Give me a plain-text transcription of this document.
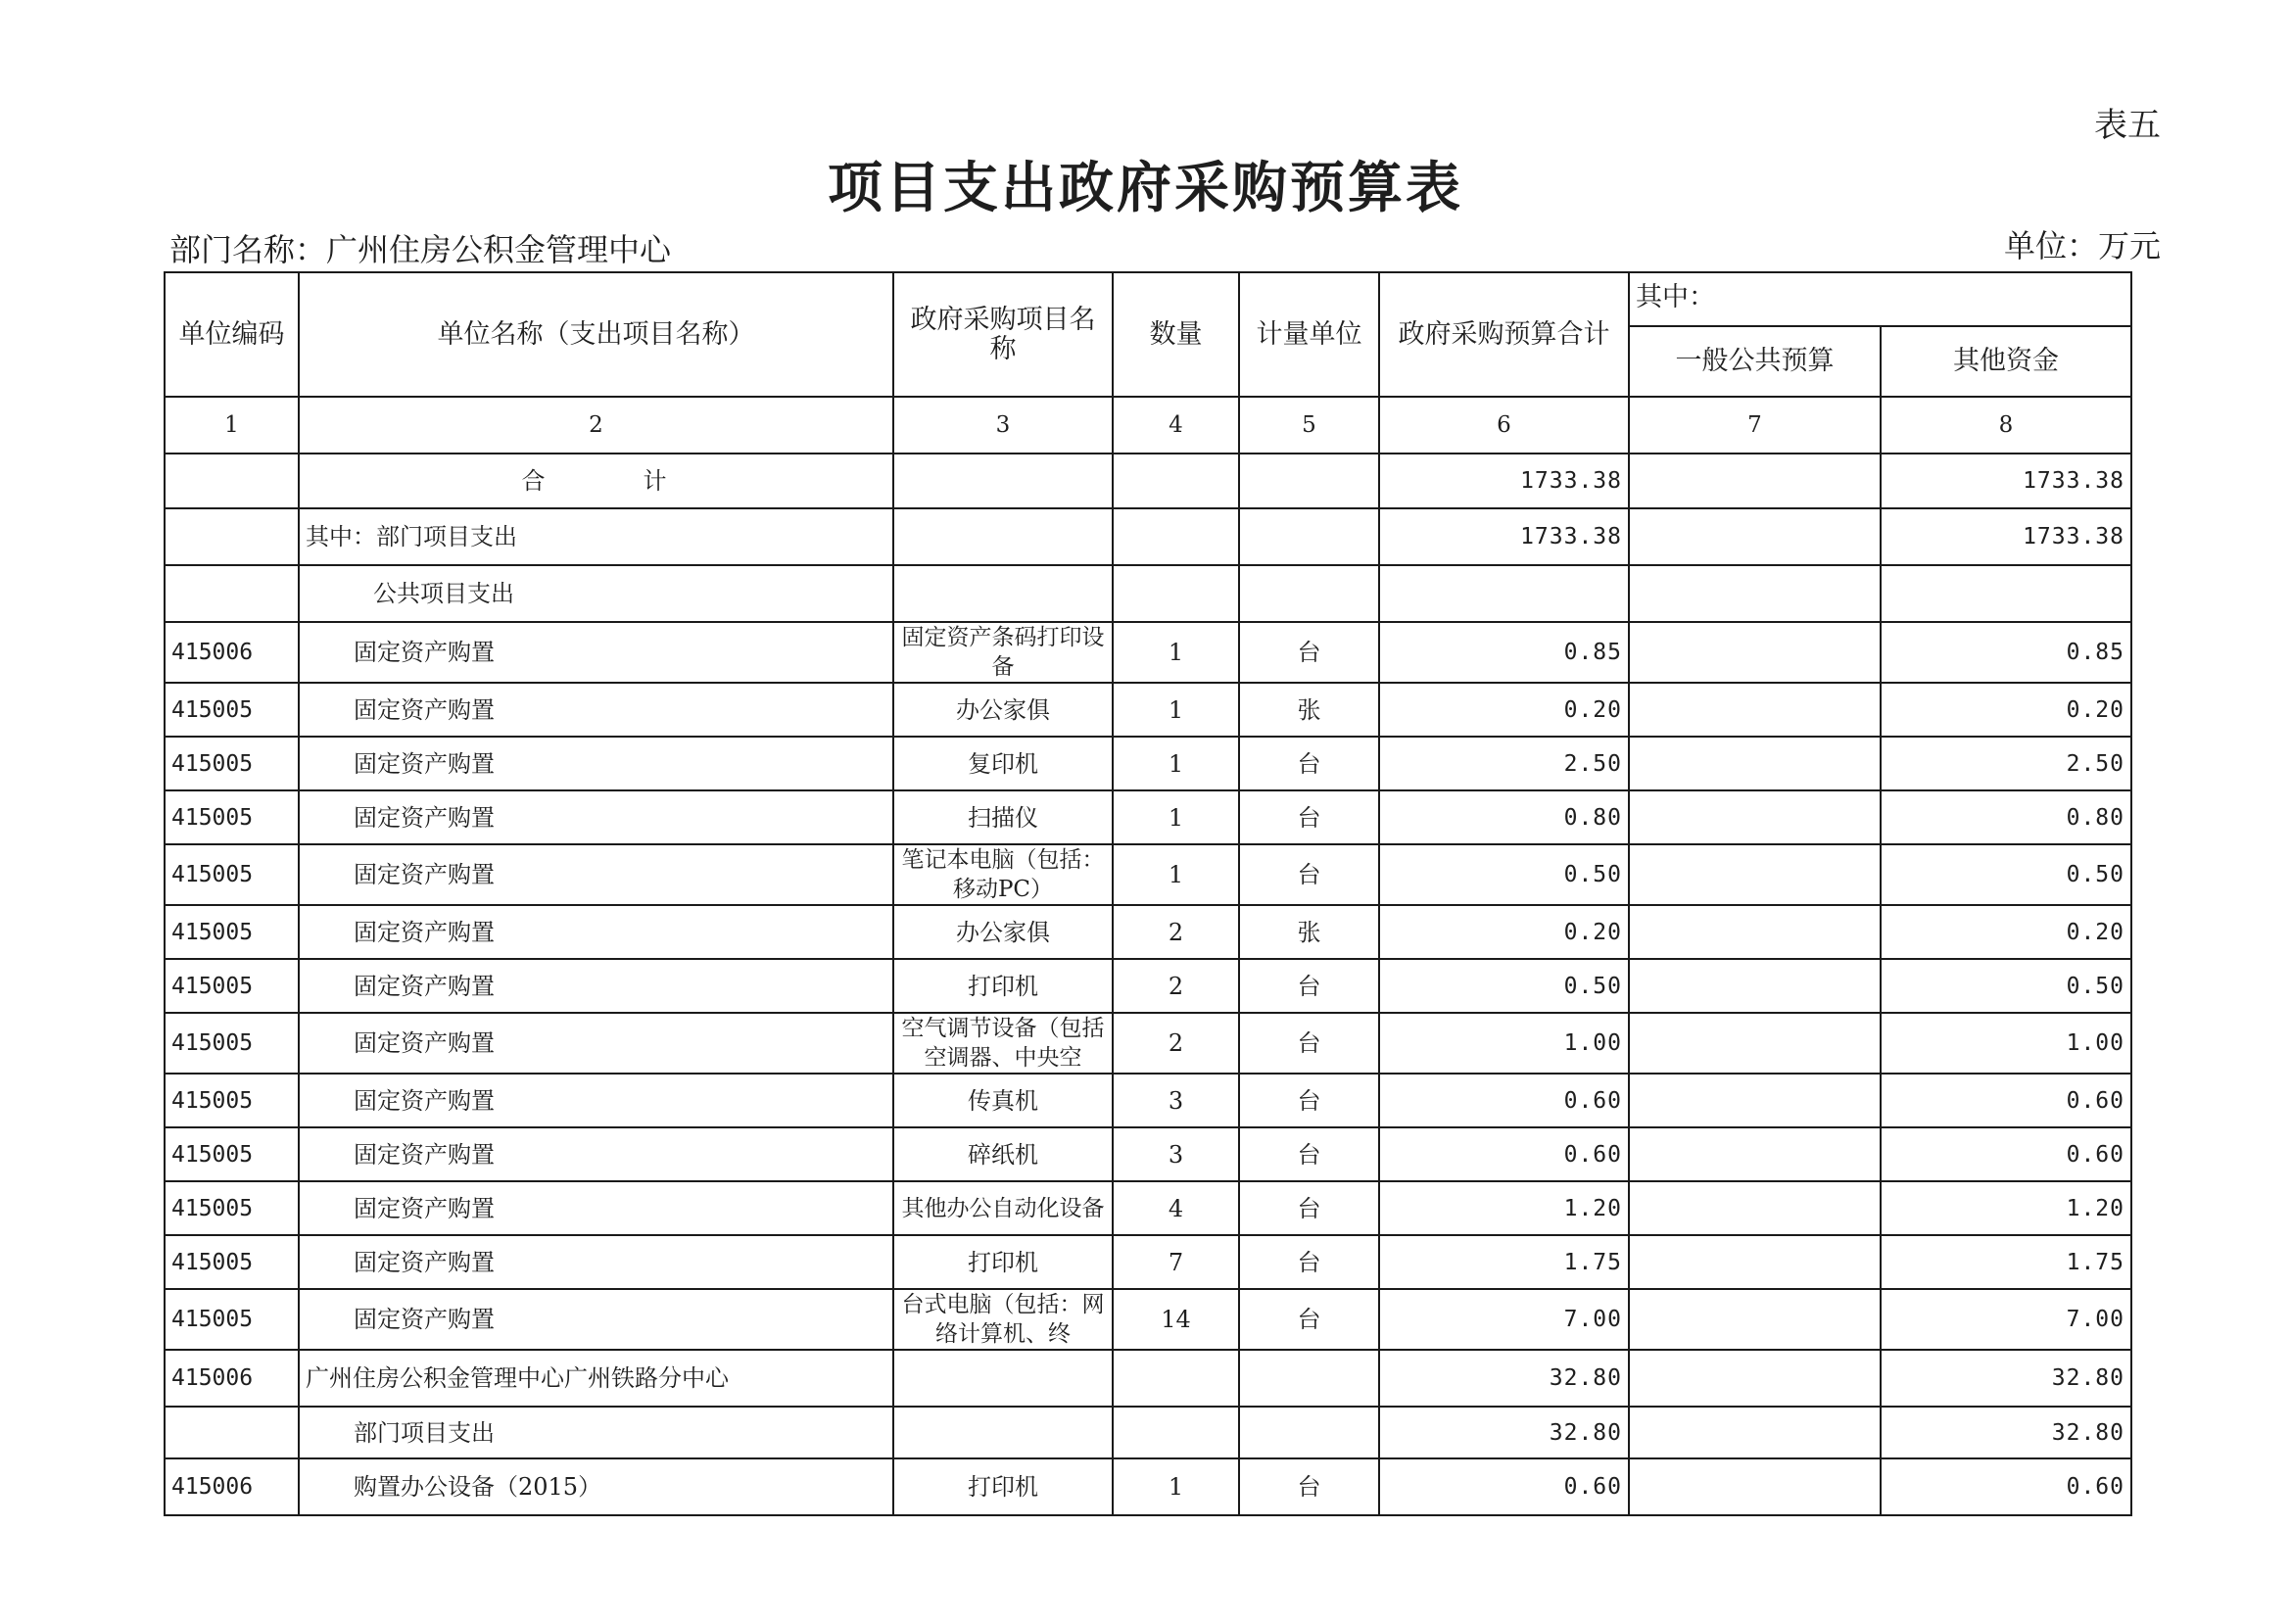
表五
项目支出政府采购预算表
部门名称：广州住房公积金管理中心	单位：万元
单位编码	单位名称（支出项目名称）	政府采购项目名称	数量	计量单位	政府采购预算合计	其中：	
						一般公共预算	其他资金
1	2	3	4	5	6	7	8
	合　计				1733.38		1733.38
	其中：部门项目支出				1733.38		1733.38
	公共项目支出						
415006	固定资产购置	固定资产条码打印设备	1	台	0.85		0.85
415005	固定资产购置	办公家俱	1	张	0.20		0.20
415005	固定资产购置	复印机	1	台	2.50		2.50
415005	固定资产购置	扫描仪	1	台	0.80		0.80
415005	固定资产购置	笔记本电脑（包括：移动PC）	1	台	0.50		0.50
415005	固定资产购置	办公家俱	2	张	0.20		0.20
415005	固定资产购置	打印机	2	台	0.50		0.50
415005	固定资产购置	空气调节设备（包括空调器、中央空	2	台	1.00		1.00
415005	固定资产购置	传真机	3	台	0.60		0.60
415005	固定资产购置	碎纸机	3	台	0.60		0.60
415005	固定资产购置	其他办公自动化设备	4	台	1.20		1.20
415005	固定资产购置	打印机	7	台	1.75		1.75
415005	固定资产购置	台式电脑（包括：网络计算机、终	14	台	7.00		7.00
415006	广州住房公积金管理中心广州铁路分中心				32.80		32.80
	部门项目支出				32.80		32.80
415006	购置办公设备（2015）	打印机	1	台	0.60		0.60
